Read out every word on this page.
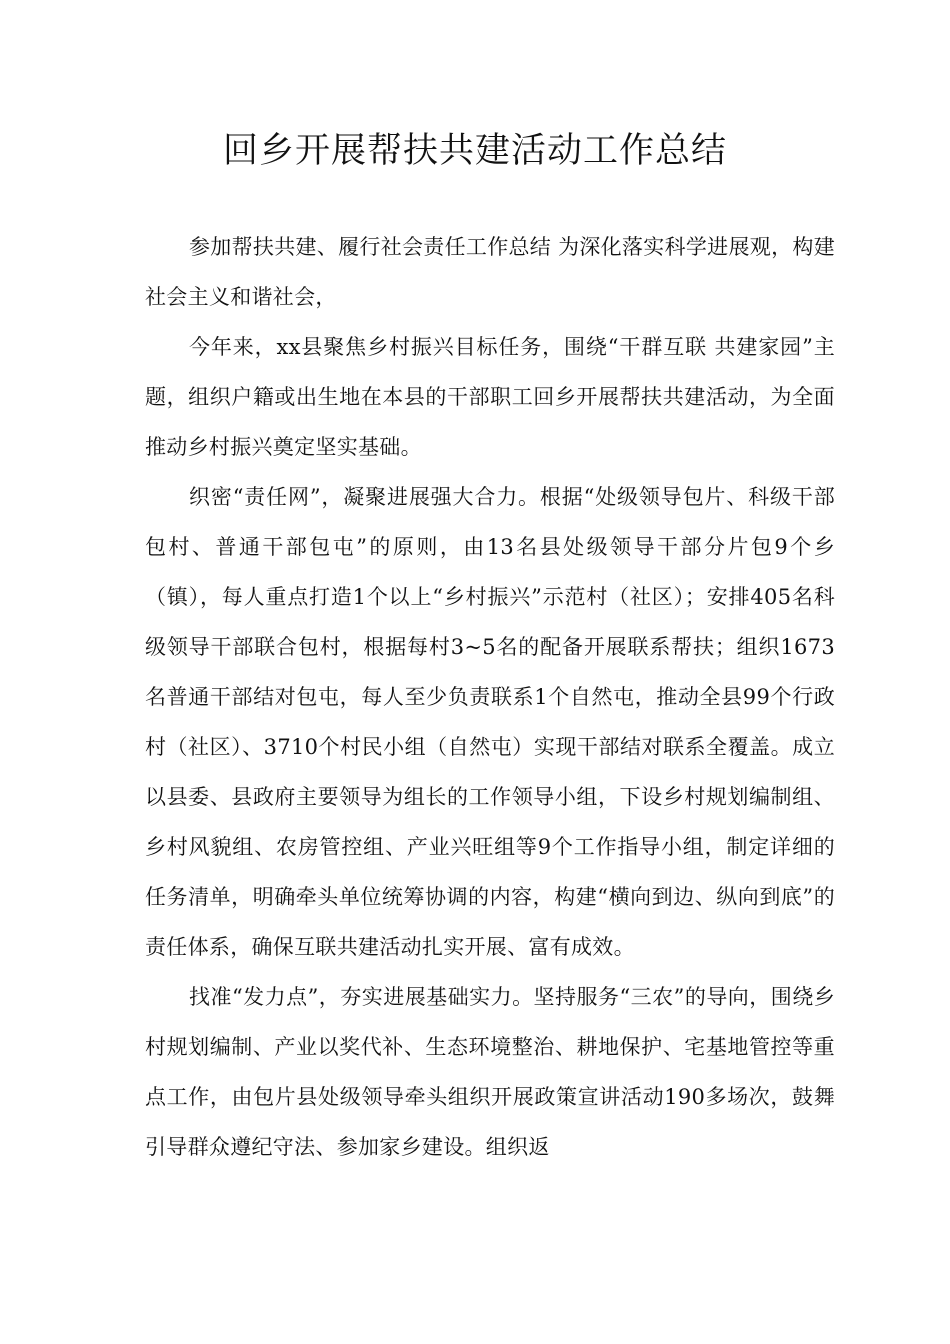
回乡开展帮扶共建活动工作总结

参加帮扶共建、履行社会责任工作总结 为深化落实科学进展观，构建社会主义和谐社会，

今年来，xx县聚焦乡村振兴目标任务，围绕“干群互联 共建家园”主题，组织户籍或出生地在本县的干部职工回乡开展帮扶共建活动，为全面推动乡村振兴奠定坚实基础。

织密“责任网”，凝聚进展强大合力。根据“处级领导包片、科级干部包村、普通干部包屯”的原则，由13名县处级领导干部分片包9个乡（镇），每人重点打造1个以上“乡村振兴”示范村（社区）；安排405名科级领导干部联合包村，根据每村3~5名的配备开展联系帮扶；组织1673名普通干部结对包屯，每人至少负责联系1个自然屯，推动全县99个行政村（社区）、3710个村民小组（自然屯）实现干部结对联系全覆盖。成立以县委、县政府主要领导为组长的工作领导小组，下设乡村规划编制组、乡村风貌组、农房管控组、产业兴旺组等9个工作指导小组，制定详细的任务清单，明确牵头单位统筹协调的内容，构建“横向到边、纵向到底”的责任体系，确保互联共建活动扎实开展、富有成效。

找准“发力点”，夯实进展基础实力。坚持服务“三农”的导向，围绕乡村规划编制、产业以奖代补、生态环境整治、耕地保护、宅基地管控等重点工作，由包片县处级领导牵头组织开展政策宣讲活动190多场次，鼓舞引导群众遵纪守法、参加家乡建设。组织返
